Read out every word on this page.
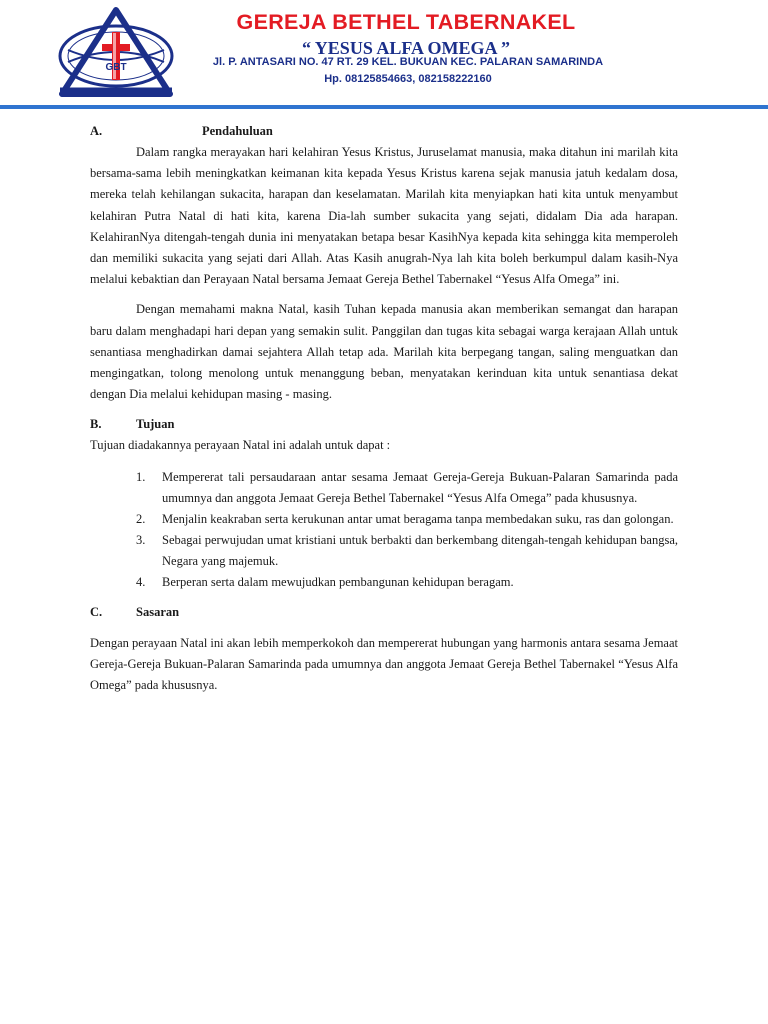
GBT
GEREJA BETHEL TABERNAKEL
“ YESUS ALFA OMEGA ”
Jl. P. ANTASARI NO. 47 RT. 29 KEL. BUKUAN KEC. PALARAN SAMARINDA
Hp. 08125854663, 082158222160
A.	Pendahuluan

Dalam rangka merayakan hari kelahiran Yesus Kristus, Juruselamat manusia, maka ditahun ini marilah kita bersama-sama lebih meningkatkan keimanan kita kepada Yesus Kristus karena sejak manusia jatuh kedalam dosa, mereka telah kehilangan sukacita, harapan dan keselamatan. Marilah kita menyiapkan hati kita untuk menyambut kelahiran Putra Natal di hati kita, karena Dia-lah sumber sukacita yang sejati, didalam Dia ada harapan. KelahiranNya ditengah-tengah dunia ini menyatakan betapa besar KasihNya kepada kita sehingga kita memperoleh dan memiliki sukacita yang sejati dari Allah. Atas Kasih anugrah-Nya lah kita boleh berkumpul dalam kasih-Nya melalui kebaktian dan Perayaan Natal bersama Jemaat Gereja Bethel Tabernakel “Yesus Alfa Omega” ini.

Dengan memahami makna Natal, kasih Tuhan kepada manusia akan memberikan semangat dan harapan baru dalam menghadapi hari depan yang semakin sulit. Panggilan dan tugas kita sebagai warga kerajaan Allah untuk senantiasa menghadirkan damai sejahtera Allah tetap ada. Marilah kita berpegang tangan, saling menguatkan dan mengingatkan, tolong menolong untuk menanggung beban, menyatakan kerinduan kita untuk senantiasa dekat dengan Dia melalui kehidupan masing - masing.

B.	Tujuan

Tujuan diadakannya perayaan Natal ini adalah untuk dapat :

1. Mempererat tali persaudaraan antar sesama Jemaat Gereja-Gereja Bukuan-Palaran Samarinda pada umumnya dan anggota Jemaat Gereja Bethel Tabernakel “Yesus Alfa Omega” pada khususnya.
2. Menjalin keakraban serta kerukunan antar umat beragama tanpa membedakan suku, ras dan golongan.
3. Sebagai perwujudan umat kristiani untuk berbakti dan berkembang ditengah-tengah kehidupan bangsa, Negara yang majemuk.
4. Berperan serta dalam mewujudkan pembangunan kehidupan beragam.
C.	Sasaran

Dengan perayaan Natal ini akan lebih memperkokoh dan mempererat hubungan yang harmonis antara sesama Jemaat Gereja-Gereja Bukuan-Palaran Samarinda pada umumnya dan anggota Jemaat Gereja Bethel Tabernakel “Yesus Alfa Omega” pada khususnya.
